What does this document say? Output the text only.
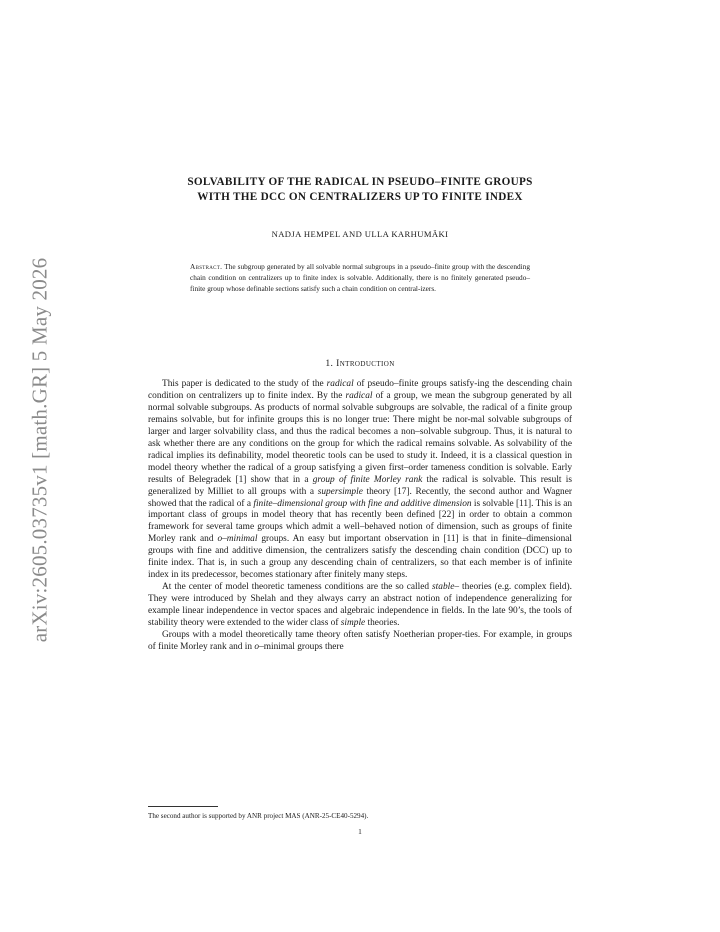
arXiv:2605.03735v1 [math.GR] 5 May 2026
SOLVABILITY OF THE RADICAL IN PSEUDO–FINITE GROUPS
WITH THE DCC ON CENTRALIZERS UP TO FINITE INDEX
NADJA HEMPEL AND ULLA KARHUMÄKI
Abstract. The subgroup generated by all solvable normal subgroups in a pseudo–finite group with the descending chain condition on centralizers up to finite index is solvable. Additionally, there is no finitely generated pseudo–finite group whose definable sections satisfy such a chain condition on central-izers.
1. Introduction

This paper is dedicated to the study of the radical of pseudo–finite groups satisfy-ing the descending chain condition on centralizers up to finite index. By the radical of a group, we mean the subgroup generated by all normal solvable subgroups. As products of normal solvable subgroups are solvable, the radical of a finite group remains solvable, but for infinite groups this is no longer true: There might be nor-mal solvable subgroups of larger and larger solvability class, and thus the radical becomes a non–solvable subgroup. Thus, it is natural to ask whether there are any conditions on the group for which the radical remains solvable. As solvability of the radical implies its definability, model theoretic tools can be used to study it. Indeed, it is a classical question in model theory whether the radical of a group satisfying a given first–order tameness condition is solvable. Early results of Belegradek [1] show that in a group of finite Morley rank the radical is solvable. This result is generalized by Milliet to all groups with a supersimple theory [17]. Recently, the second author and Wagner showed that the radical of a finite–dimensional group with fine and additive dimension is solvable [11]. This is an important class of groups in model theory that has recently been defined [22] in order to obtain a common framework for several tame groups which admit a well–behaved notion of dimension, such as groups of finite Morley rank and o–minimal groups. An easy but important observation in [11] is that in finite–dimensional groups with fine and additive dimension, the centralizers satisfy the descending chain condition (DCC) up to finite index. That is, in such a group any descending chain of centralizers, so that each member is of infinite index in its predecessor, becomes stationary after finitely many steps.

At the center of model theoretic tameness conditions are the so called stable– theories (e.g. complex field). They were introduced by Shelah and they always carry an abstract notion of independence generalizing for example linear independence in vector spaces and algebraic independence in fields. In the late 90’s, the tools of stability theory were extended to the wider class of simple theories.

Groups with a model theoretically tame theory often satisfy Noetherian proper-ties. For example, in groups of finite Morley rank and in o–minimal groups there

The second author is supported by ANR project MAS (ANR-25-CE40-5294).
1
